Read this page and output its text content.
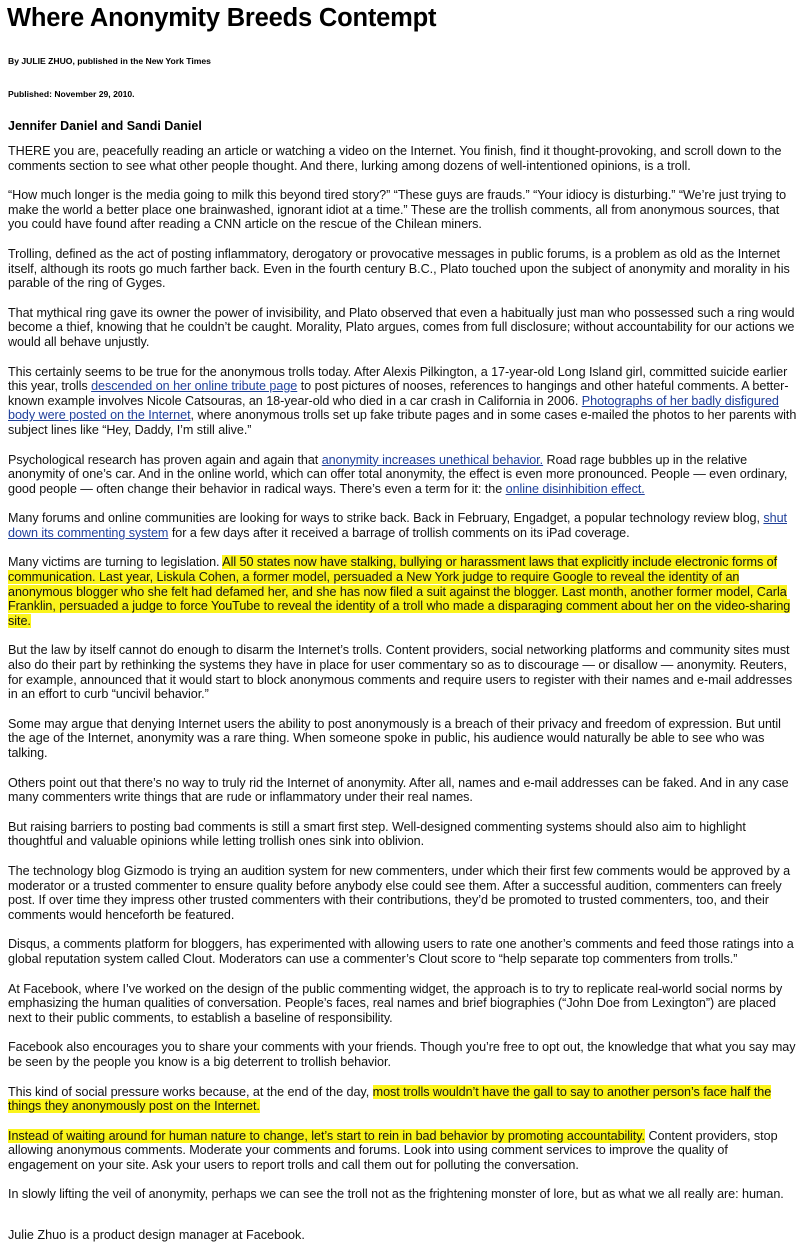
Where Anonymity Breeds Contempt
By JULIE ZHUO, published in the New York Times
Published: November 29, 2010.
Jennifer Daniel and Sandi Daniel

THERE you are, peacefully reading an article or watching a video on the Internet. You finish, find it thought-provoking, and scroll down to the comments section to see what other people thought. And there, lurking among dozens of well-intentioned opinions, is a troll.

“How much longer is the media going to milk this beyond tired story?” “These guys are frauds.” “Your idiocy is disturbing.” “We’re just trying to make the world a better place one brainwashed, ignorant idiot at a time.” These are the trollish comments, all from anonymous sources, that you could have found after reading a CNN article on the rescue of the Chilean miners.

Trolling, defined as the act of posting inflammatory, derogatory or provocative messages in public forums, is a problem as old as the Internet itself, although its roots go much farther back. Even in the fourth century B.C., Plato touched upon the subject of anonymity and morality in his parable of the ring of Gyges.

That mythical ring gave its owner the power of invisibility, and Plato observed that even a habitually just man who possessed such a ring would become a thief, knowing that he couldn’t be caught. Morality, Plato argues, comes from full disclosure; without accountability for our actions we would all behave unjustly.

This certainly seems to be true for the anonymous trolls today. After Alexis Pilkington, a 17-year-old Long Island girl, committed suicide earlier this year, trolls descended on her online tribute page to post pictures of nooses, references to hangings and other hateful comments. A better-known example involves Nicole Catsouras, an 18-year-old who died in a car crash in California in 2006. Photographs of her badly disfigured body were posted on the Internet, where anonymous trolls set up fake tribute pages and in some cases e-mailed the photos to her parents with subject lines like “Hey, Daddy, I’m still alive.”

Psychological research has proven again and again that anonymity increases unethical behavior. Road rage bubbles up in the relative anonymity of one’s car. And in the online world, which can offer total anonymity, the effect is even more pronounced. People — even ordinary, good people — often change their behavior in radical ways. There’s even a term for it: the online disinhibition effect.

Many forums and online communities are looking for ways to strike back. Back in February, Engadget, a popular technology review blog, shut down its commenting system for a few days after it received a barrage of trollish comments on its iPad coverage.

Many victims are turning to legislation. All 50 states now have stalking, bullying or harassment laws that explicitly include electronic forms of communication. Last year, Liskula Cohen, a former model, persuaded a New York judge to require Google to reveal the identity of an anonymous blogger who she felt had defamed her, and she has now filed a suit against the blogger. Last month, another former model, Carla Franklin, persuaded a judge to force YouTube to reveal the identity of a troll who made a disparaging comment about her on the video-sharing site.

But the law by itself cannot do enough to disarm the Internet’s trolls. Content providers, social networking platforms and community sites must also do their part by rethinking the systems they have in place for user commentary so as to discourage — or disallow — anonymity. Reuters, for example, announced that it would start to block anonymous comments and require users to register with their names and e-mail addresses in an effort to curb “uncivil behavior.”

Some may argue that denying Internet users the ability to post anonymously is a breach of their privacy and freedom of expression. But until the age of the Internet, anonymity was a rare thing. When someone spoke in public, his audience would naturally be able to see who was talking.

Others point out that there’s no way to truly rid the Internet of anonymity. After all, names and e-mail addresses can be faked. And in any case many commenters write things that are rude or inflammatory under their real names.

But raising barriers to posting bad comments is still a smart first step. Well-designed commenting systems should also aim to highlight thoughtful and valuable opinions while letting trollish ones sink into oblivion.

The technology blog Gizmodo is trying an audition system for new commenters, under which their first few comments would be approved by a moderator or a trusted commenter to ensure quality before anybody else could see them. After a successful audition, commenters can freely post. If over time they impress other trusted commenters with their contributions, they’d be promoted to trusted commenters, too, and their comments would henceforth be featured.

Disqus, a comments platform for bloggers, has experimented with allowing users to rate one another’s comments and feed those ratings into a global reputation system called Clout. Moderators can use a commenter’s Clout score to “help separate top commenters from trolls.”

At Facebook, where I’ve worked on the design of the public commenting widget, the approach is to try to replicate real-world social norms by emphasizing the human qualities of conversation. People’s faces, real names and brief biographies (“John Doe from Lexington”) are placed next to their public comments, to establish a baseline of responsibility.

Facebook also encourages you to share your comments with your friends. Though you’re free to opt out, the knowledge that what you say may be seen by the people you know is a big deterrent to trollish behavior.

This kind of social pressure works because, at the end of the day, most trolls wouldn’t have the gall to say to another person’s face half the things they anonymously post on the Internet.

Instead of waiting around for human nature to change, let’s start to rein in bad behavior by promoting accountability. Content providers, stop allowing anonymous comments. Moderate your comments and forums. Look into using comment services to improve the quality of engagement on your site. Ask your users to report trolls and call them out for polluting the conversation.

In slowly lifting the veil of anonymity, perhaps we can see the troll not as the frightening monster of lore, but as what we all really are: human.

Julie Zhuo is a product design manager at Facebook.
